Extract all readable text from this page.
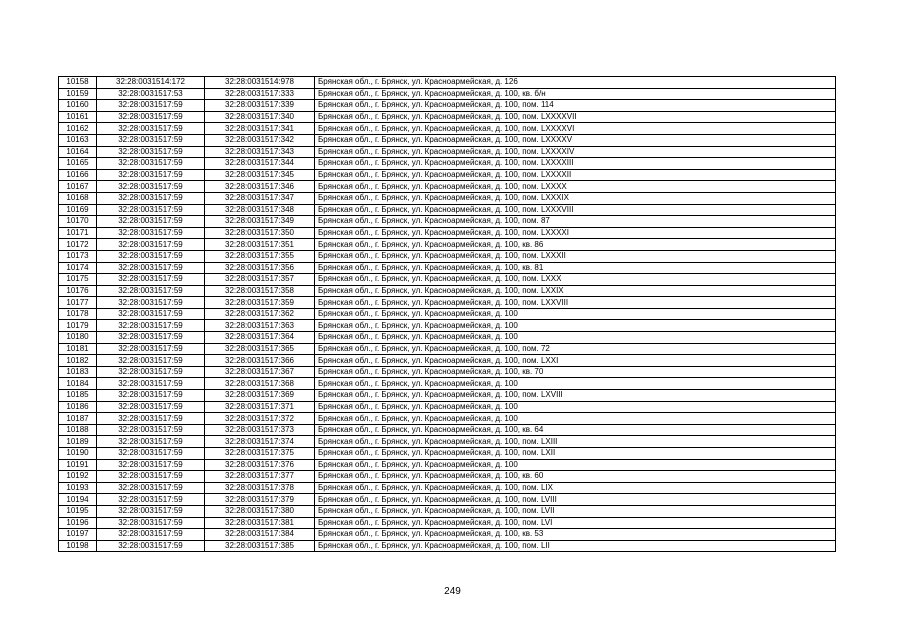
10158	32:28:0031514:172	32:28:0031514:978	Брянская обл., г. Брянск, ул. Красноармейская, д. 126
10159	32:28:0031517:53	32:28:0031517:333	Брянская обл., г. Брянск, ул. Красноармейская, д. 100, кв. б/н
10160	32:28:0031517:59	32:28:0031517:339	Брянская обл., г. Брянск, ул. Красноармейская, д. 100, пом. 114
10161	32:28:0031517:59	32:28:0031517:340	Брянская обл., г. Брянск, ул. Красноармейская, д. 100, пом. LXXXXVII
10162	32:28:0031517:59	32:28:0031517:341	Брянская обл., г. Брянск, ул. Красноармейская, д. 100, пом. LXXXXVI
10163	32:28:0031517:59	32:28:0031517:342	Брянская обл., г. Брянск, ул. Красноармейская, д. 100, пом. LXXXXV
10164	32:28:0031517:59	32:28:0031517:343	Брянская обл., г. Брянск, ул. Красноармейская, д. 100, пом. LXXXXIV
10165	32:28:0031517:59	32:28:0031517:344	Брянская обл., г. Брянск, ул. Красноармейская, д. 100, пом. LXXXXIII
10166	32:28:0031517:59	32:28:0031517:345	Брянская обл., г. Брянск, ул. Красноармейская, д. 100, пом. LXXXXII
10167	32:28:0031517:59	32:28:0031517:346	Брянская обл., г. Брянск, ул. Красноармейская, д. 100, пом. LXXXX
10168	32:28:0031517:59	32:28:0031517:347	Брянская обл., г. Брянск, ул. Красноармейская, д. 100, пом. LXXXIX
10169	32:28:0031517:59	32:28:0031517:348	Брянская обл., г. Брянск, ул. Красноармейская, д. 100, пом. LXXXVIII
10170	32:28:0031517:59	32:28:0031517:349	Брянская обл., г. Брянск, ул. Красноармейская, д. 100, пом. 87
10171	32:28:0031517:59	32:28:0031517:350	Брянская обл., г. Брянск, ул. Красноармейская, д. 100, пом. LXXXXI
10172	32:28:0031517:59	32:28:0031517:351	Брянская обл., г. Брянск, ул. Красноармейская, д. 100, кв. 86
10173	32:28:0031517:59	32:28:0031517:355	Брянская обл., г. Брянск, ул. Красноармейская, д. 100, пом. LXXXII
10174	32:28:0031517:59	32:28:0031517:356	Брянская обл., г. Брянск, ул. Красноармейская, д. 100, кв. 81
10175	32:28:0031517:59	32:28:0031517:357	Брянская обл., г. Брянск, ул. Красноармейская, д. 100, пом. LXXX
10176	32:28:0031517:59	32:28:0031517:358	Брянская обл., г. Брянск, ул. Красноармейская, д. 100, пом. LXXIX
10177	32:28:0031517:59	32:28:0031517:359	Брянская обл., г. Брянск, ул. Красноармейская, д. 100, пом. LXXVIII
10178	32:28:0031517:59	32:28:0031517:362	Брянская обл., г. Брянск, ул. Красноармейская, д. 100
10179	32:28:0031517:59	32:28:0031517:363	Брянская обл., г. Брянск, ул. Красноармейская, д. 100
10180	32:28:0031517:59	32:28:0031517:364	Брянская обл., г. Брянск, ул. Красноармейская, д. 100
10181	32:28:0031517:59	32:28:0031517:365	Брянская обл., г. Брянск, ул. Красноармейская, д. 100, пом. 72
10182	32:28:0031517:59	32:28:0031517:366	Брянская обл., г. Брянск, ул. Красноармейская, д. 100, пом. LXXI
10183	32:28:0031517:59	32:28:0031517:367	Брянская обл., г. Брянск, ул. Красноармейская, д. 100, кв. 70
10184	32:28:0031517:59	32:28:0031517:368	Брянская обл., г. Брянск, ул. Красноармейская, д. 100
10185	32:28:0031517:59	32:28:0031517:369	Брянская обл., г. Брянск, ул. Красноармейская, д. 100, пом. LXVIII
10186	32:28:0031517:59	32:28:0031517:371	Брянская обл., г. Брянск, ул. Красноармейская, д. 100
10187	32:28:0031517:59	32:28:0031517:372	Брянская обл., г. Брянск, ул. Красноармейская, д. 100
10188	32:28:0031517:59	32:28:0031517:373	Брянская обл., г. Брянск, ул. Красноармейская, д. 100, кв. 64
10189	32:28:0031517:59	32:28:0031517:374	Брянская обл., г. Брянск, ул. Красноармейская, д. 100, пом. LXIII
10190	32:28:0031517:59	32:28:0031517:375	Брянская обл., г. Брянск, ул. Красноармейская, д. 100, пом. LXII
10191	32:28:0031517:59	32:28:0031517:376	Брянская обл., г. Брянск, ул. Красноармейская, д. 100
10192	32:28:0031517:59	32:28:0031517:377	Брянская обл., г. Брянск, ул. Красноармейская, д. 100, кв. 60
10193	32:28:0031517:59	32:28:0031517:378	Брянская обл., г. Брянск, ул. Красноармейская, д. 100, пом. LIX
10194	32:28:0031517:59	32:28:0031517:379	Брянская обл., г. Брянск, ул. Красноармейская, д. 100, пом. LVIII
10195	32:28:0031517:59	32:28:0031517:380	Брянская обл., г. Брянск, ул. Красноармейская, д. 100, пом. LVII
10196	32:28:0031517:59	32:28:0031517:381	Брянская обл., г. Брянск, ул. Красноармейская, д. 100, пом. LVI
10197	32:28:0031517:59	32:28:0031517:384	Брянская обл., г. Брянск, ул. Красноармейская, д. 100, кв. 53
10198	32:28:0031517:59	32:28:0031517:385	Брянская обл., г. Брянск, ул. Красноармейская, д. 100, пом. LII
249
